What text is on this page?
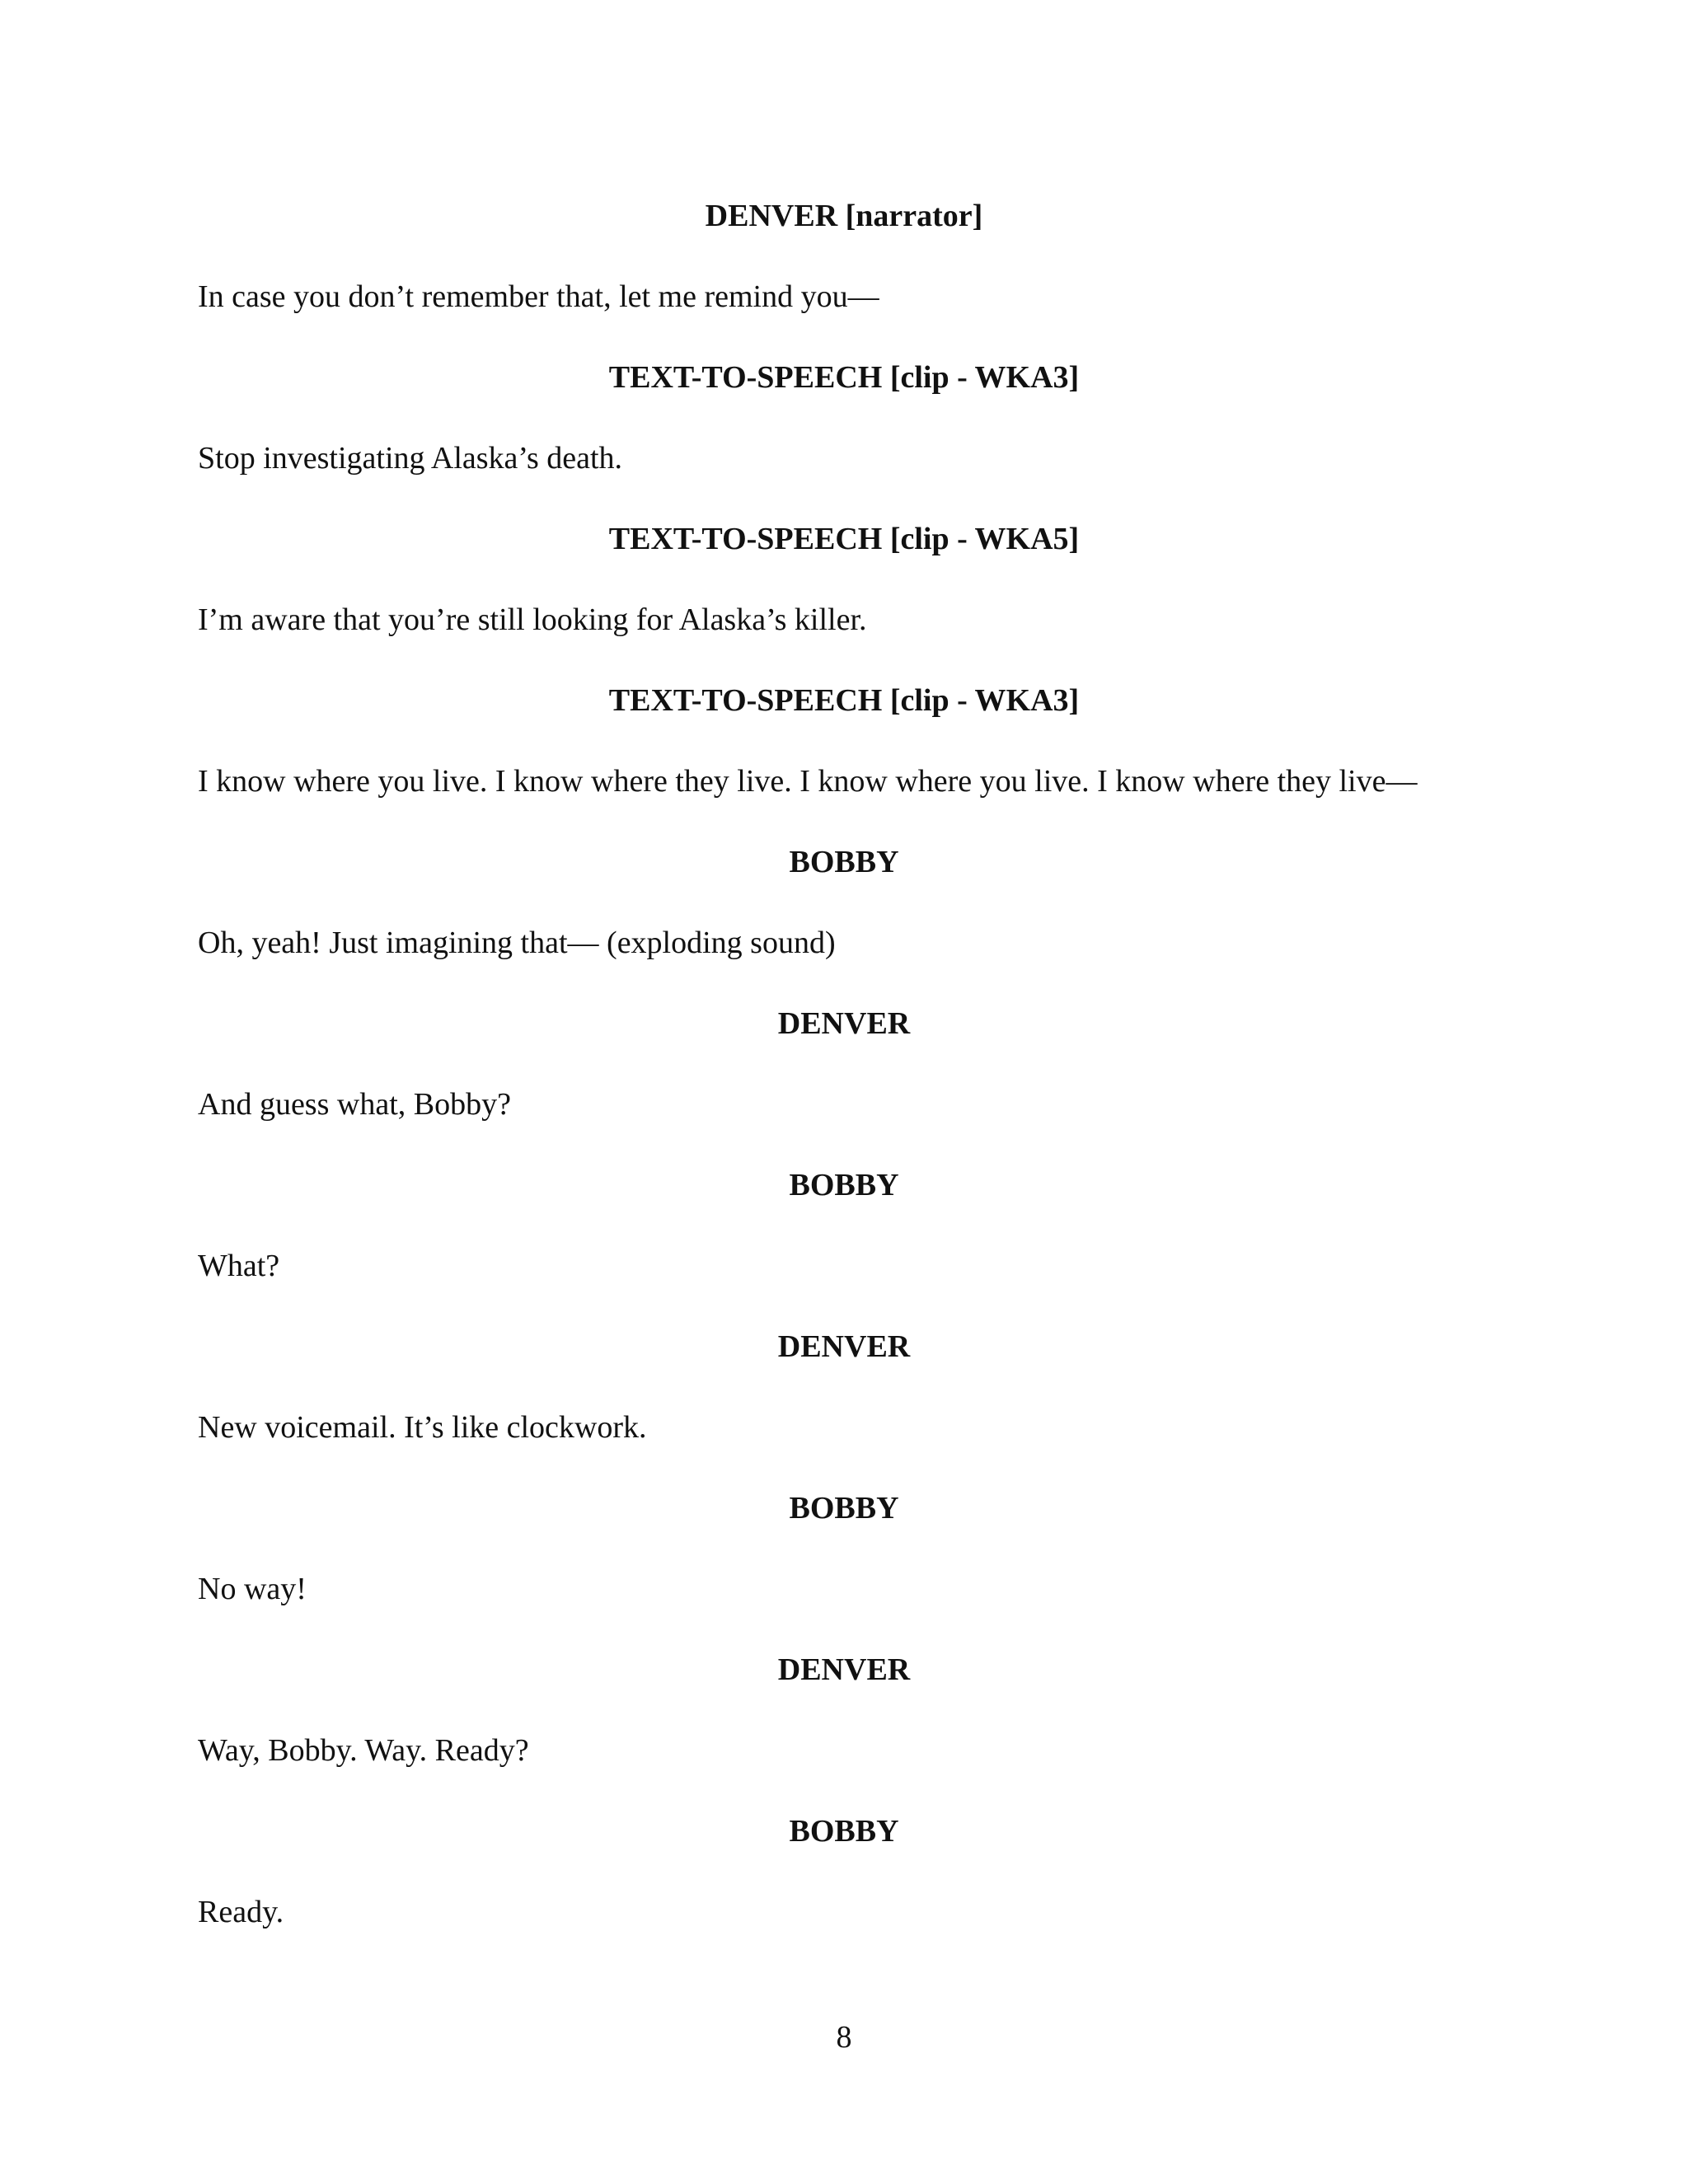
DENVER [narrator]

In case you don’t remember that, let me remind you—

TEXT-TO-SPEECH [clip - WKA3]

Stop investigating Alaska’s death.

TEXT-TO-SPEECH [clip - WKA5]

I’m aware that you’re still looking for Alaska’s killer.

TEXT-TO-SPEECH [clip - WKA3]

I know where you live. I know where they live. I know where you live. I know where they live—

BOBBY

Oh, yeah! Just imagining that— (exploding sound)

DENVER

And guess what, Bobby?

BOBBY

What?

DENVER

New voicemail. It’s like clockwork.

BOBBY

No way!

DENVER

Way, Bobby. Way. Ready?

BOBBY

Ready.

8
